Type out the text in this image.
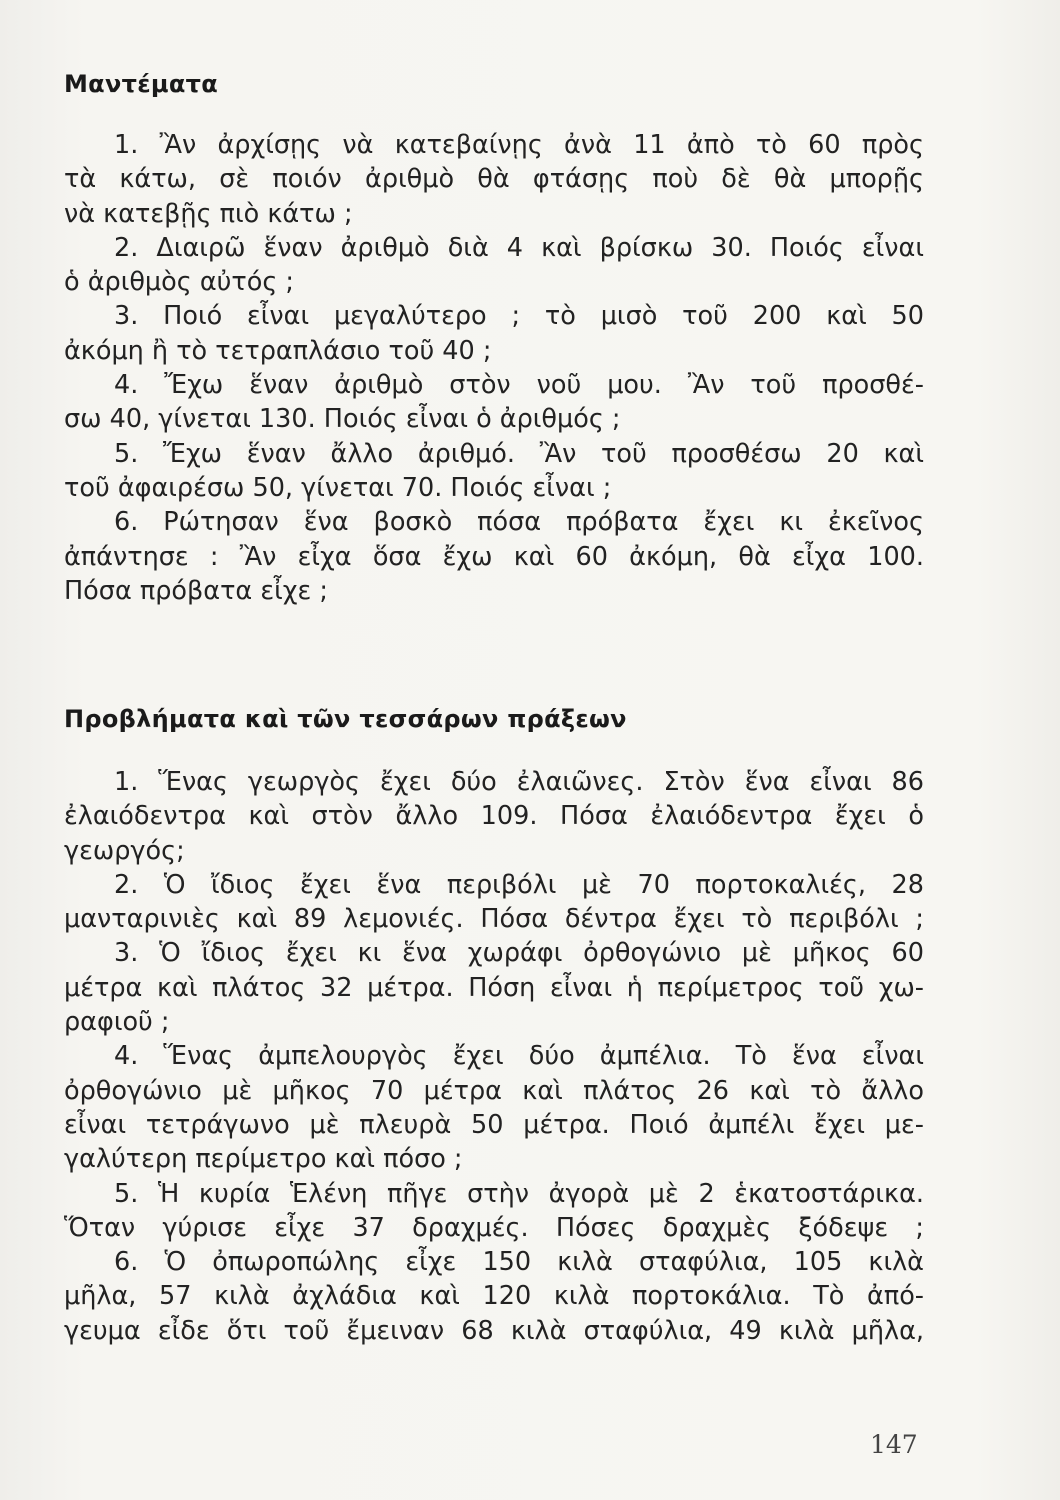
Μαντέματα
1. Ἂν ἀρχίσῃς νὰ κατεβαίνῃς ἀνὰ 11 ἀπὸ τὸ 60 πρὸς
τὰ κάτω, σὲ ποιόν ἀριθμὸ θὰ φτάσῃς ποὺ δὲ θὰ μπορῇς
νὰ κατεβῇς πιὸ κάτω ;
2. Διαιρῶ ἕναν ἀριθμὸ διὰ 4 καὶ βρίσκω 30. Ποιός εἶναι
ὁ ἀριθμὸς αὐτός ;
3. Ποιό εἶναι μεγαλύτερο ; τὸ μισὸ τοῦ 200 καὶ 50
ἀκόμη ἢ τὸ τετραπλάσιο τοῦ 40 ;
4. Ἔχω ἕναν ἀριθμὸ στὸν νοῦ μου. Ἂν τοῦ προσθέ-
σω 40, γίνεται 130. Ποιός εἶναι ὁ ἀριθμός ;
5. Ἔχω ἕναν ἄλλο ἀριθμό. Ἂν τοῦ προσθέσω 20 καὶ
τοῦ ἀφαιρέσω 50, γίνεται 70. Ποιός εἶναι ;
6. Ρώτησαν ἕνα βοσκὸ πόσα πρόβατα ἔχει κι ἐκεῖνος
ἀπάντησε : Ἂν εἶχα ὅσα ἔχω καὶ 60 ἀκόμη, θὰ εἶχα 100.
Πόσα πρόβατα εἶχε ;
Προβλήματα καὶ τῶν τεσσάρων πράξεων
1. Ἕνας γεωργὸς ἔχει δύο ἐλαιῶνες. Στὸν ἕνα εἶναι 86
ἐλαιόδεντρα καὶ στὸν ἄλλο 109. Πόσα ἐλαιόδεντρα ἔχει ὁ
γεωργός;
2. Ὁ ἴδιος ἔχει ἕνα περιβόλι μὲ 70 πορτοκαλιές, 28
μανταρινιὲς καὶ 89 λεμονιές. Πόσα δέντρα ἔχει τὸ περιβόλι ;
3. Ὁ ἴδιος ἔχει κι ἕνα χωράφι ὀρθογώνιο μὲ μῆκος 60
μέτρα καὶ πλάτος 32 μέτρα. Πόση εἶναι ἡ περίμετρος τοῦ χω-
ραφιοῦ ;
4. Ἕνας ἀμπελουργὸς ἔχει δύο ἀμπέλια. Τὸ ἕνα εἶναι
ὀρθογώνιο μὲ μῆκος 70 μέτρα καὶ πλάτος 26 καὶ τὸ ἄλλο
εἶναι τετράγωνο μὲ πλευρὰ 50 μέτρα. Ποιό ἀμπέλι ἔχει με-
γαλύτερη περίμετρο καὶ πόσο ;
5. Ἡ κυρία Ἑλένη πῆγε στὴν ἀγορὰ μὲ 2 ἑκατοστάρικα.
Ὅταν γύρισε εἶχε 37 δραχμές. Πόσες δραχμὲς ξόδεψε ;
6. Ὁ ὀπωροπώλης εἶχε 150 κιλὰ σταφύλια, 105 κιλὰ
μῆλα, 57 κιλὰ ἀχλάδια καὶ 120 κιλὰ πορτοκάλια. Τὸ ἀπό-
γευμα εἶδε ὅτι τοῦ ἔμειναν 68 κιλὰ σταφύλια, 49 κιλὰ μῆλα,
147
